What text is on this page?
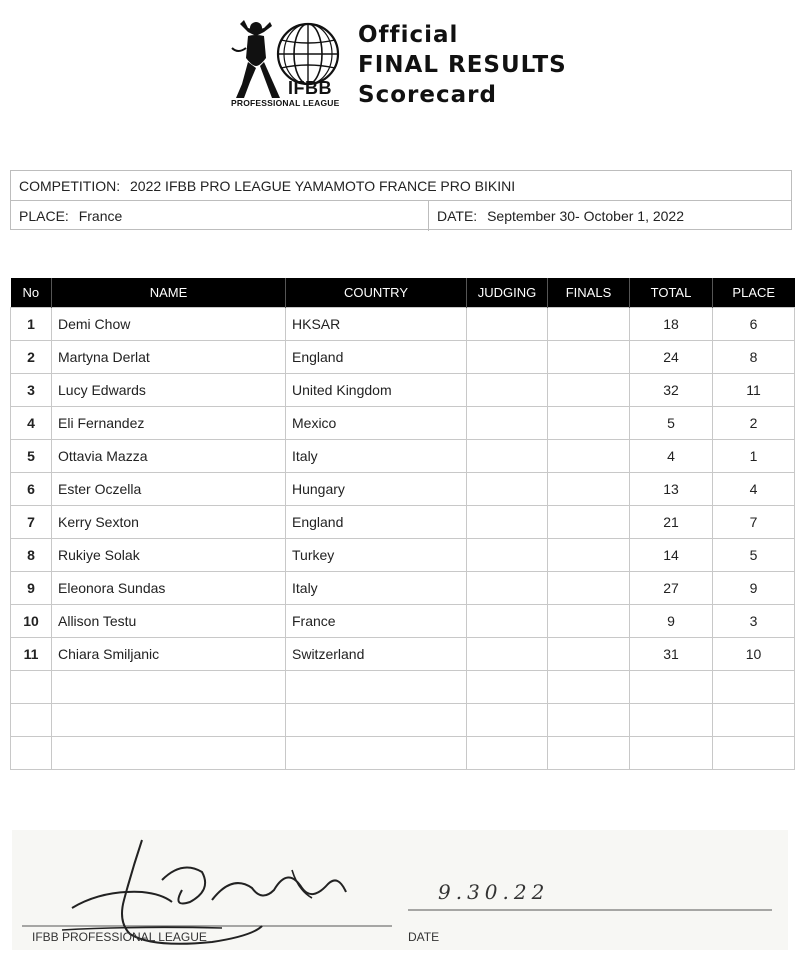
IFBB
PROFESSIONAL LEAGUE
Official
FINAL RESULTS
Scorecard
COMPETITION: 2022 IFBB PRO LEAGUE YAMAMOTO FRANCE PRO BIKINI
PLACE: France	DATE: September 30- October 1, 2022
No	NAME	COUNTRY	JUDGING	FINALS	TOTAL	PLACE
1	Demi Chow	HKSAR			18	6
2	Martyna Derlat	England			24	8
3	Lucy Edwards	United Kingdom			32	11
4	Eli Fernandez	Mexico			5	2
5	Ottavia Mazza	Italy			4	1
6	Ester Oczella	Hungary			13	4
7	Kerry Sexton	England			21	7
8	Rukiye Solak	Turkey			14	5
9	Eleonora Sundas	Italy			27	9
10	Allison Testu	France			9	3
11	Chiara Smiljanic	Switzerland			31	10

9.30.22
IFBB PROFESSIONAL LEAGUE	DATE
